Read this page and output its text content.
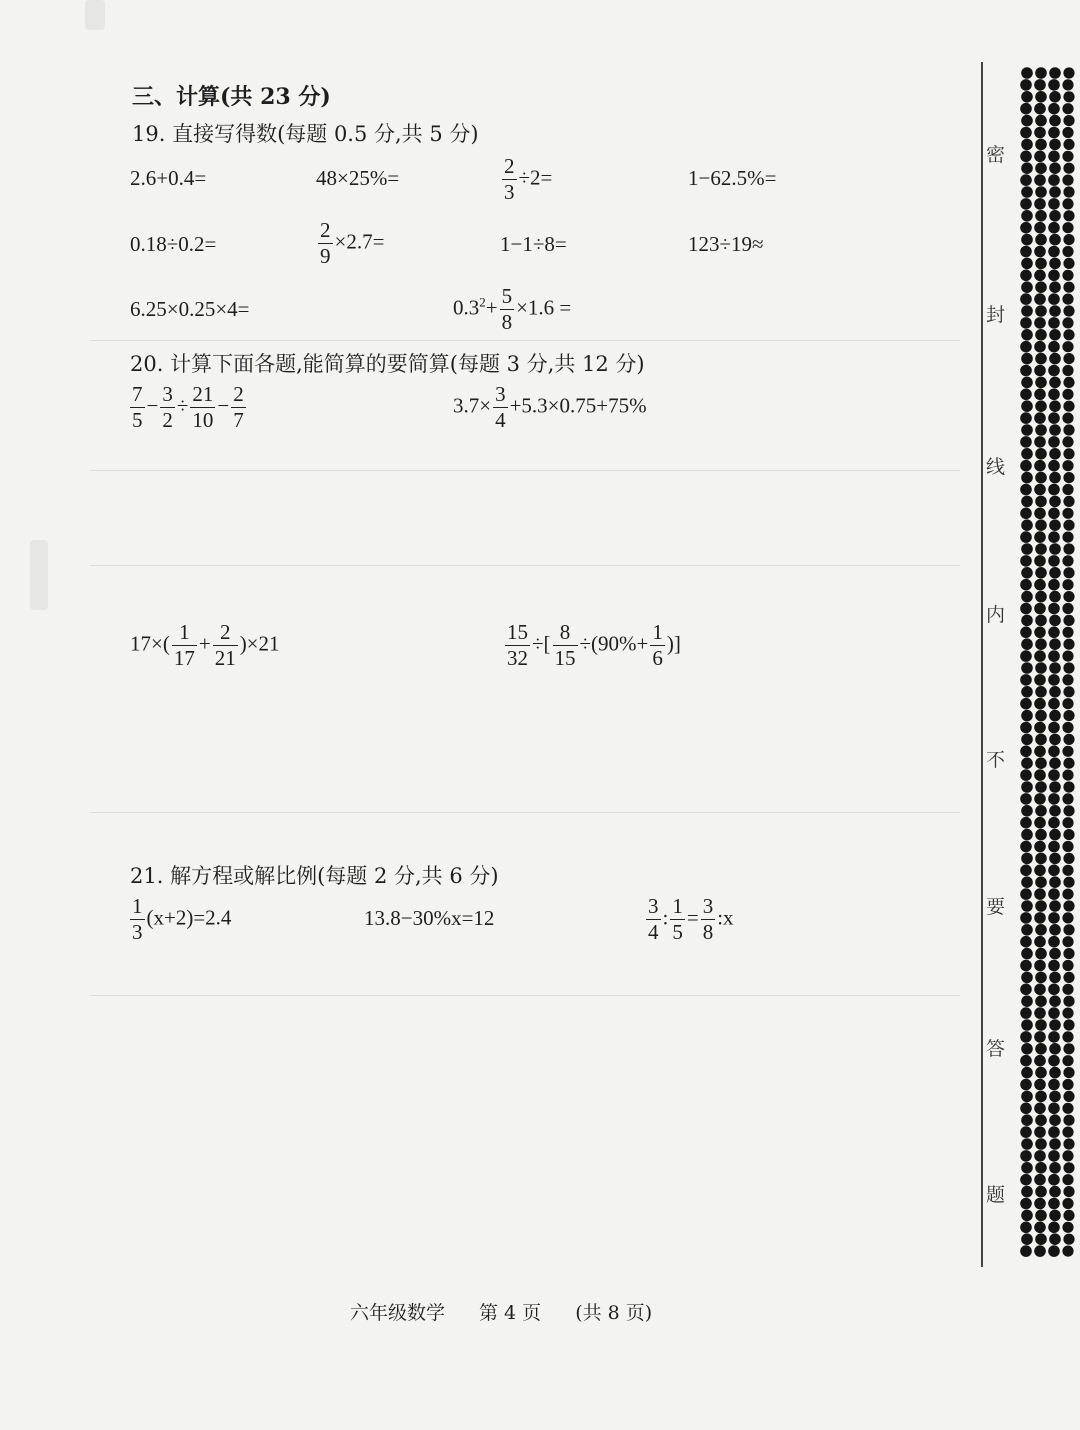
三、计算(共 23 分)
19. 直接写得数(每题 0.5 分,共 5 分)
2.6+0.4=	48×25%=	$\frac{2}{3} \div 2=$	1−62.5%=
0.18÷0.2=	$\frac{2}{9} \times 2.7=$	1−1÷8=	123÷19≈
6.25×0.25×4=	$0.3^2+ \frac{5}{8} \times 1.6$ =
20. 计算下面各题,能简算的要简算(每题 3 分,共 12 分)
$\frac{7}{5} - \frac{3}{2} \div \frac{21}{10} - \frac{2}{7}$	$3.7\times \frac{3}{4} +5.3\times 0.75+75\%$
$17\times( \frac{1}{17} + \frac{2}{21} )\times 21$	$\frac{15}{32}$ ÷[ $\frac{8}{15} \div(90\%+ \frac{1}{6}$ )]
21. 解方程或解比例(每题 2 分,共 6 分)
$\frac{1}{3} (x+2)=2.4$	13.8−30%x=12	$\frac{3}{4}$ : $\frac{1}{5} = \frac{3}{8}$ :x
密
封
线
内
不
要
答
题
六年级数学 第 4 页 (共 8 页)
